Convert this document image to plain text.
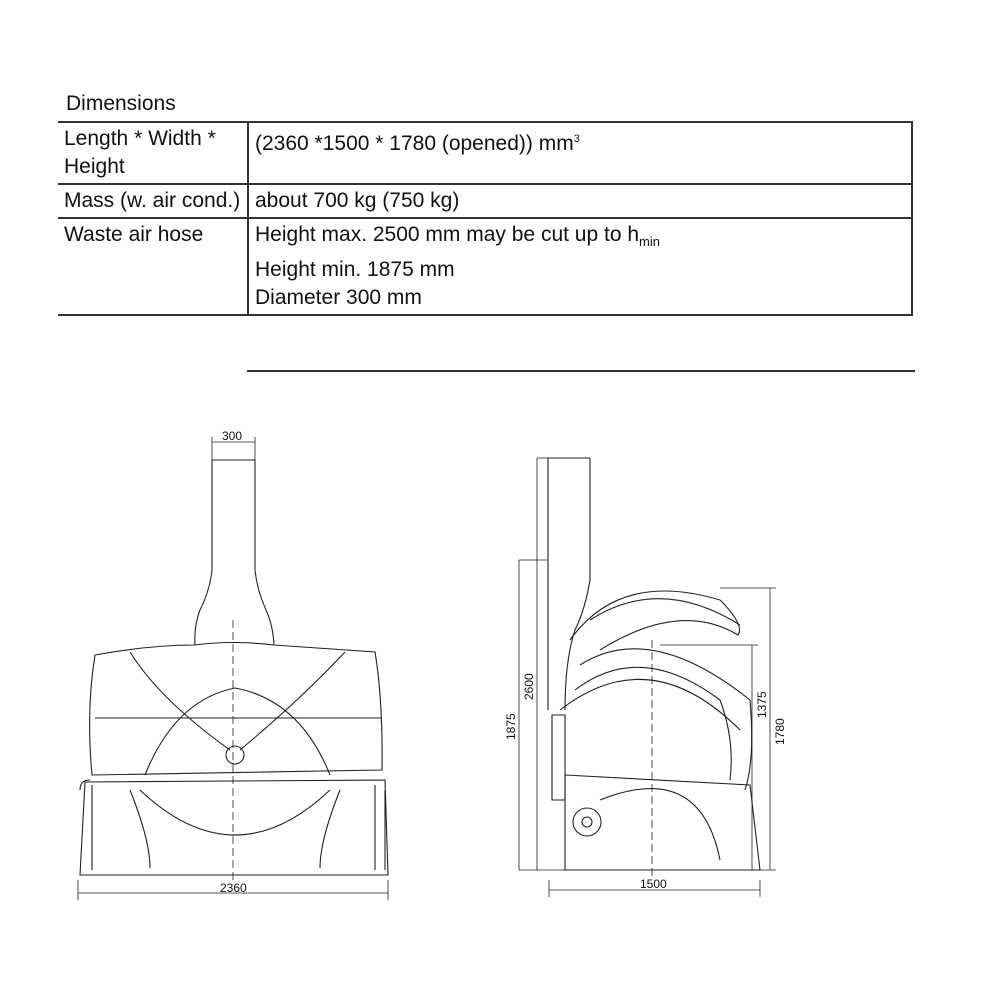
Dimensions
Length * Width * Height	(2360 *1500 * 1780 (opened)) $mm^3$
Mass (w. air cond.)	about 700 kg (750 kg)
Waste air hose	Height max. 2500 mm may be cut up to $h_{min}$
Height min. 1875 mm
Diameter 300 mm
300
2360
2600
1875	1780
1375
1500
